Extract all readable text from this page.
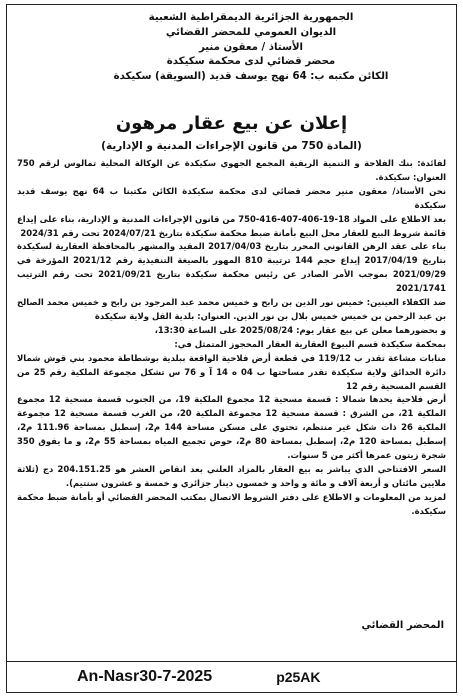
الجمهورية الجزائرية الديمقراطية الشعبية
الديوان العمومي للمحضر القضائي
الأستاذ / معقون منير
محضر قضائي لدى محكمة سكيكدة
الكائن مكتبه ب: 64 نهج يوسف قديد (السويقة) سكيكدة
إعلان عن بيع عقار مرهون
(المادة 750 من قانون الإجراءات المدنية و الإدارية)

لفائدة: بنك الفلاحة و التنمية الريفية المجمع الجهوي سكيكدة عن الوكالة المحلية تمالوس لرقم 750 العنوان: سكيكدة.

نحن الأستاذ/ معقون منير محضر قضائي لدى محكمة سكيكدة الكائن مكتبنا ب 64 نهج يوسف قديد سكيكدة

بعد الاطلاع على المواد 18-19-406-407-416-750 من قانون الإجراءات المدنية و الإدارية، بناء على إيداع قائمة شروط البيع للعقار محل البيع بأمانة ضبط محكمة سكيكدة بتاريخ 2024/07/21 تحت رقم 2024/31

بناء على عقد الرهن القانوني المحرر بتاريخ 2017/04/03 المقيد والمشهر بالمحافظة العقارية لسكيكدة بتاريخ 2017/04/19 إيداع حجم 144 ترتيبة 810 المهور بالصيغة التنفيذية رقم 2021/12 المؤرخة في 2021/09/29 بموجب الأمر الصادر عن رئيس محكمة سكيكدة بتاريخ 2021/09/21 تحت رقم الترتيب 2021/1741

ضد الكفلاء العينين: خميس نور الدين بن رابح و خميس محمد عبد المرجود بن رابح و خميس محمد الصالح بن عبد الرحمن بن خميس خميس بلال بن نور الدين. العنوان: بلدية القل ولاية سكيكدة

و بحضورهما معلن عن بيع عقار يوم: 2025/08/24 على الساعة 13:30،

بمحكمة سكيكدة قسم البيوع العقارية العقار المحجوز المتمثل في:

منابات مشاعة تقدر ب 119/12 في قطعة أرض فلاحية الواقعة ببلدية بوشطاطة محمود بني قوش شمالا دائرة الحدائق ولاية سكيكدة تقدر مساحتها ب 04 ه 14 آ و 76 س تشكل مجموعة الملكية رقم 25 من القسم المسحية رقم 12

أرض فلاحية يحدها شمالا : قسمة مسحية 12 مجموع الملكية 19، من الجنوب قسمة مسحية 12 مجموع الملكية 21، من الشرق : قسمة مسحية 12 مجموعة الملكية 20، من الغرب قسمة مسحية 12 مجموعة الملكية 26 ذات شكل غير منتظم، تحتوي على مسكن مساحة 144 م2، إسطبل بمساحة 111.96 م2، إسطبل بمساحة 120 م2، إسطبل بمساحة 80 م2، حوض تجميع المياه بمساحة 55 م2، و ما يفوق 350 شجرة زيتون عمرها أكثر من 5 سنوات.

السعر الافتتاحي الذي يباشر به بيع العقار بالمزاد العلني بعد انقاص العشر هو 204.151.25 دج (ثلاثة ملايين مائتان و أربعة آلاف و مائة و واحد و خمسون دينار جزائري و خمسة و عشرون سنتيم).

لمزيد من المعلومات و الاطلاع على دفتر الشروط الاتصال بمكتب المحضر القضائي أو بأمانة ضبط محكمة سكيكدة.

المحضر القضائي
An-Nasr30-7-2025	p25AK
